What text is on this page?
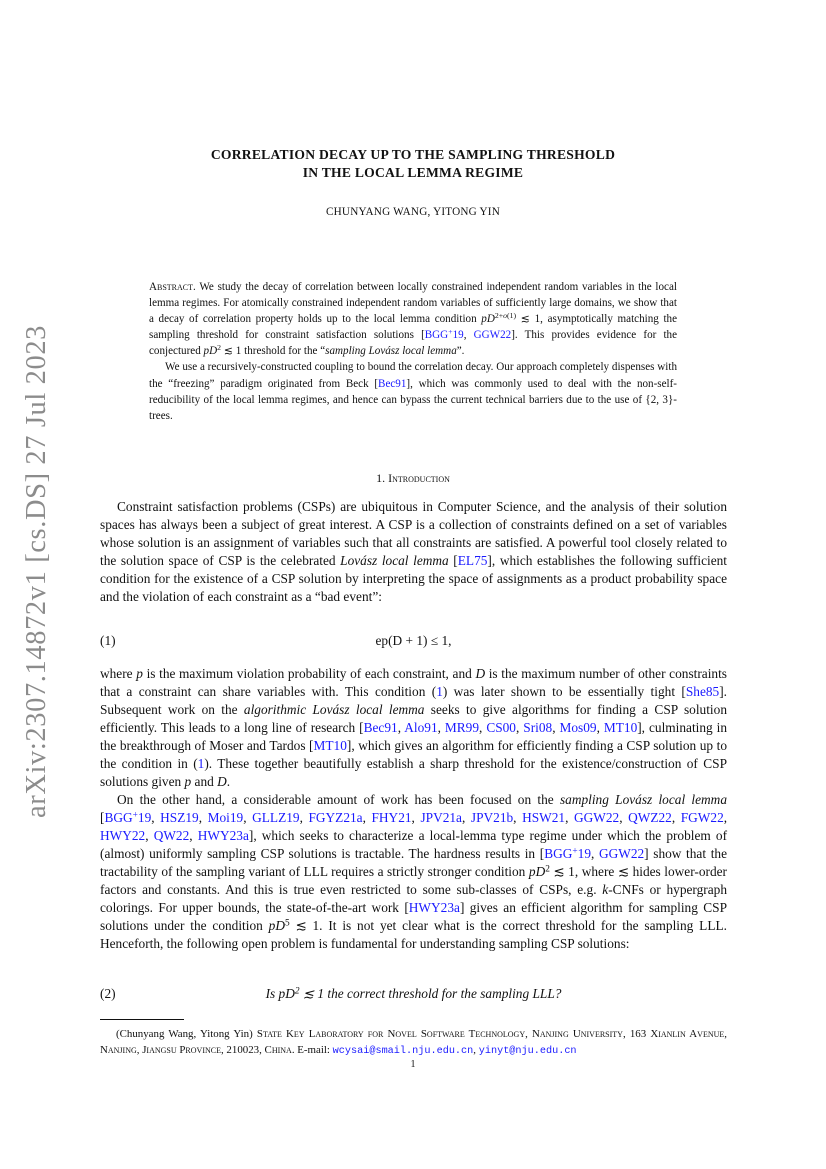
arXiv:2307.14872v1 [cs.DS] 27 Jul 2023
CORRELATION DECAY UP TO THE SAMPLING THRESHOLD
IN THE LOCAL LEMMA REGIME
CHUNYANG WANG, YITONG YIN

Abstract. We study the decay of correlation between locally constrained independent random variables in the local lemma regimes. For atomically constrained independent random variables of sufficiently large domains, we show that a decay of correlation property holds up to the local lemma condition $pD^{2+o(1)}$ ≲ 1, asymptotically matching the sampling threshold for constraint satisfaction solutions [BGG+19, GGW22]. This provides evidence for the conjectured $pD^2$ ≲ 1 threshold for the “sampling Lovász local lemma”.

We use a recursively-constructed coupling to bound the correlation decay. Our approach completely dispenses with the “freezing” paradigm originated from Beck [Bec91], which was commonly used to deal with the non-self-reducibility of the local lemma regimes, and hence can bypass the current technical barriers due to the use of {2, 3}-trees.

1. Introduction

Constraint satisfaction problems (CSPs) are ubiquitous in Computer Science, and the analysis of their solution spaces has always been a subject of great interest. A CSP is a collection of constraints defined on a set of variables whose solution is an assignment of variables such that all constraints are satisfied. A powerful tool closely related to the solution space of CSP is the celebrated Lovász local lemma [EL75], which establishes the following sufficient condition for the existence of a CSP solution by interpreting the space of assignments as a product probability space and the violation of each constraint as a “bad event”:

(1)	ep(D + 1) ≤ 1,

where p is the maximum violation probability of each constraint, and D is the maximum number of other constraints that a constraint can share variables with. This condition (1) was later shown to be essentially tight [She85]. Subsequent work on the algorithmic Lovász local lemma seeks to give algorithms for finding a CSP solution efficiently. This leads to a long line of research [Bec91, Alo91, MR99, CS00, Sri08, Mos09, MT10], culminating in the breakthrough of Moser and Tardos [MT10], which gives an algorithm for efficiently finding a CSP solution up to the condition in (1). These together beautifully establish a sharp threshold for the existence/construction of CSP solutions given p and D.

On the other hand, a considerable amount of work has been focused on the sampling Lovász local lemma [BGG+19, HSZ19, Moi19, GLLZ19, FGYZ21a, FHY21, JPV21a, JPV21b, HSW21, GGW22, QWZ22, FGW22, HWY22, QW22, HWY23a], which seeks to characterize a local-lemma type regime under which the problem of (almost) uniformly sampling CSP solutions is tractable. The hardness results in [BGG+19, GGW22] show that the tractability of the sampling variant of LLL requires a strictly stronger condition $pD^2$ ≲ 1, where ≲ hides lower-order factors and constants. And this is true even restricted to some sub-classes of CSPs, e.g. k-CNFs or hypergraph colorings. For upper bounds, the state-of-the-art work [HWY23a] gives an efficient algorithm for sampling CSP solutions under the condition $pD^5$ ≲ 1. It is not yet clear what is the correct threshold for the sampling LLL. Henceforth, the following open problem is fundamental for understanding sampling CSP solutions:

(2)	Is $pD^2$ ≲ 1 the correct threshold for the sampling LLL?
(Chunyang Wang, Yitong Yin) State Key Laboratory for Novel Software Technology, Nanjing University, 163 Xianlin Avenue, Nanjing, Jiangsu Province, 210023, China. E-mail: wcysai@smail.nju.edu.cn, yinyt@nju.edu.cn
1
